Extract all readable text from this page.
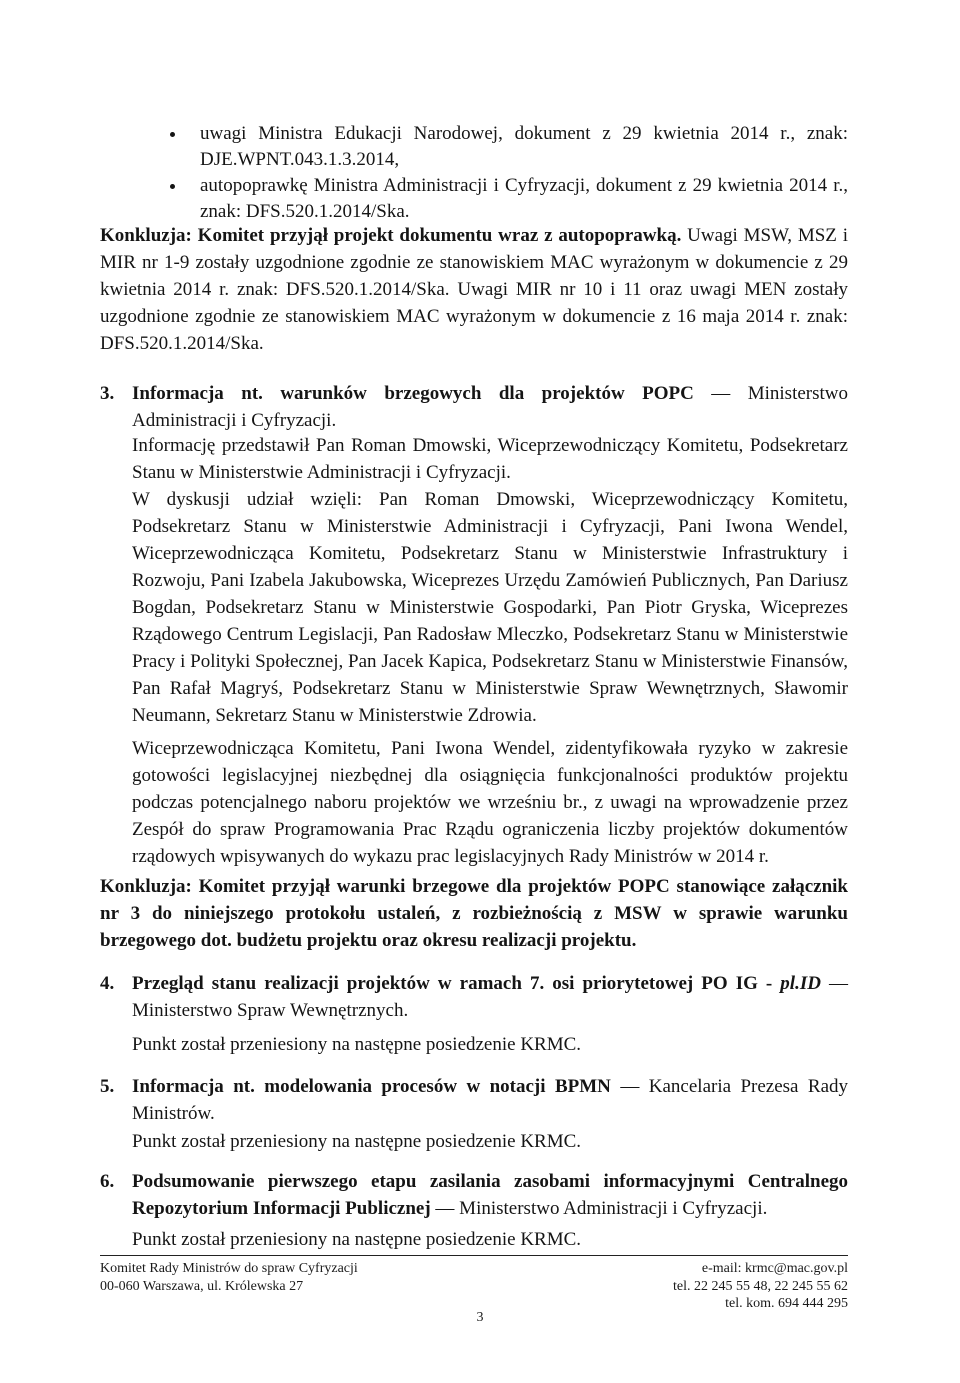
uwagi Ministra Edukacji Narodowej, dokument z 29 kwietnia 2014 r., znak: DJE.WPNT.043.1.3.2014,
autopoprawkę Ministra Administracji i Cyfryzacji, dokument z 29 kwietnia 2014 r., znak: DFS.520.1.2014/Ska.

Konkluzja: Komitet przyjął projekt dokumentu wraz z autopoprawką. Uwagi MSW, MSZ i MIR nr 1-9 zostały uzgodnione zgodnie ze stanowiskiem MAC wyrażonym w dokumencie z 29 kwietnia 2014 r. znak: DFS.520.1.2014/Ska. Uwagi MIR nr 10 i 11 oraz uwagi MEN zostały uzgodnione zgodnie ze stanowiskiem MAC wyrażonym w dokumencie z 16 maja 2014 r. znak: DFS.520.1.2014/Ska.

3. Informacja nt. warunków brzegowych dla projektów POPC — Ministerstwo Administracji i Cyfryzacji.

Informację przedstawił Pan Roman Dmowski, Wiceprzewodniczący Komitetu, Podsekretarz Stanu w Ministerstwie Administracji i Cyfryzacji.

W dyskusji udział wzięli: Pan Roman Dmowski, Wiceprzewodniczący Komitetu, Podsekretarz Stanu w Ministerstwie Administracji i Cyfryzacji, Pani Iwona Wendel, Wiceprzewodnicząca Komitetu, Podsekretarz Stanu w Ministerstwie Infrastruktury i Rozwoju, Pani Izabela Jakubowska, Wiceprezes Urzędu Zamówień Publicznych, Pan Dariusz Bogdan, Podsekretarz Stanu w Ministerstwie Gospodarki, Pan Piotr Gryska, Wiceprezes Rządowego Centrum Legislacji, Pan Radosław Mleczko, Podsekretarz Stanu w Ministerstwie Pracy i Polityki Społecznej, Pan Jacek Kapica, Podsekretarz Stanu w Ministerstwie Finansów, Pan Rafał Magryś, Podsekretarz Stanu w Ministerstwie Spraw Wewnętrznych, Sławomir Neumann, Sekretarz Stanu w Ministerstwie Zdrowia.

Wiceprzewodnicząca Komitetu, Pani Iwona Wendel, zidentyfikowała ryzyko w zakresie gotowości legislacyjnej niezbędnej dla osiągnięcia funkcjonalności produktów projektu podczas potencjalnego naboru projektów we wrześniu br., z uwagi na wprowadzenie przez Zespół do spraw Programowania Prac Rządu ograniczenia liczby projektów dokumentów rządowych wpisywanych do wykazu prac legislacyjnych Rady Ministrów w 2014 r.

Konkluzja: Komitet przyjął warunki brzegowe dla projektów POPC stanowiące załącznik nr 3 do niniejszego protokołu ustaleń, z rozbieżnością z MSW w sprawie warunku brzegowego dot. budżetu projektu oraz okresu realizacji projektu.

4. Przegląd stanu realizacji projektów w ramach 7. osi priorytetowej PO IG - pl.ID — Ministerstwo Spraw Wewnętrznych.

Punkt został przeniesiony na następne posiedzenie KRMC.

5. Informacja nt. modelowania procesów w notacji BPMN — Kancelaria Prezesa Rady Ministrów.

Punkt został przeniesiony na następne posiedzenie KRMC.

6. Podsumowanie pierwszego etapu zasilania zasobami informacyjnymi Centralnego Repozytorium Informacji Publicznej — Ministerstwo Administracji i Cyfryzacji.

Punkt został przeniesiony na następne posiedzenie KRMC.

Komitet Rady Ministrów do spraw Cyfryzacji
00-060 Warszawa, ul. Królewska 27
e-mail: krmc@mac.gov.pl
tel. 22 245 55 48, 22 245 55 62
tel. kom. 694 444 295
3
